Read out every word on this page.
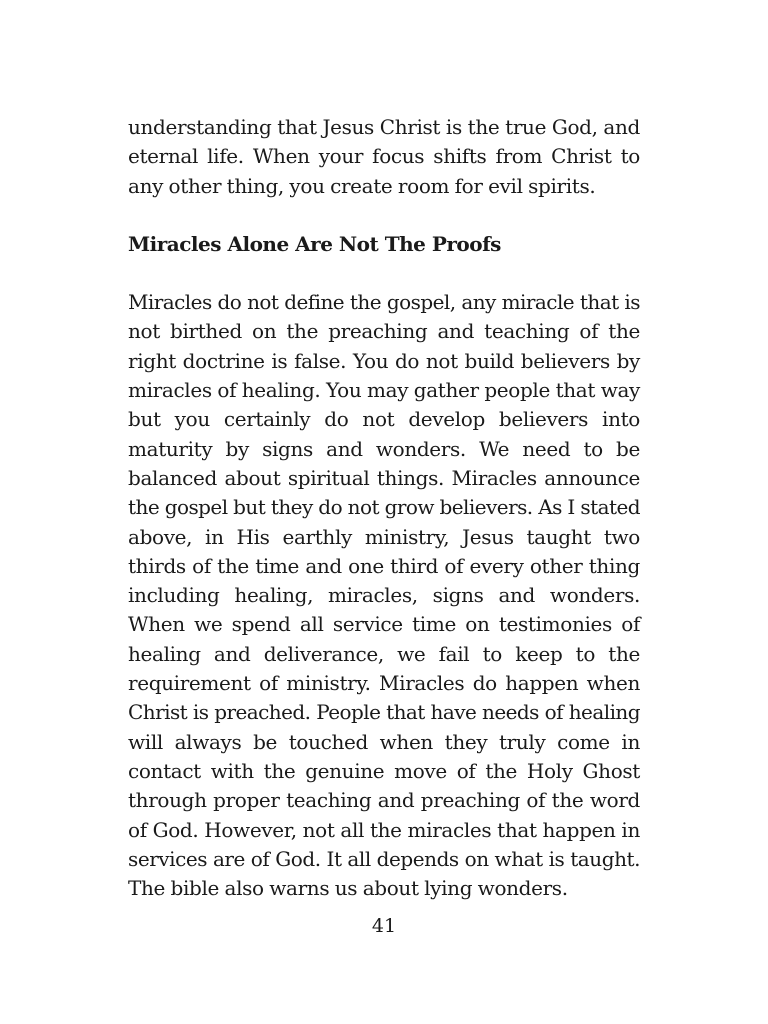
understanding that Jesus Christ is the true God, and
eternal life. When your focus shifts from Christ to
any other thing, you create room for evil spirits.
Miracles Alone Are Not The Proofs
Miracles do not define the gospel, any miracle that is
not birthed on the preaching and teaching of the
right doctrine is false. You do not build believers by
miracles of healing. You may gather people that way
but you certainly do not develop believers into
maturity by signs and wonders. We need to be
balanced about spiritual things. Miracles announce
the gospel but they do not grow believers. As I stated
above, in His earthly ministry, Jesus taught two
thirds of the time and one third of every other thing
including healing, miracles, signs and wonders.
When we spend all service time on testimonies of
healing and deliverance, we fail to keep to the
requirement of ministry. Miracles do happen when
Christ is preached. People that have needs of healing
will always be touched when they truly come in
contact with the genuine move of the Holy Ghost
through proper teaching and preaching of the word
of God. However, not all the miracles that happen in
services are of God. It all depends on what is taught.
The bible also warns us about lying wonders.
41
